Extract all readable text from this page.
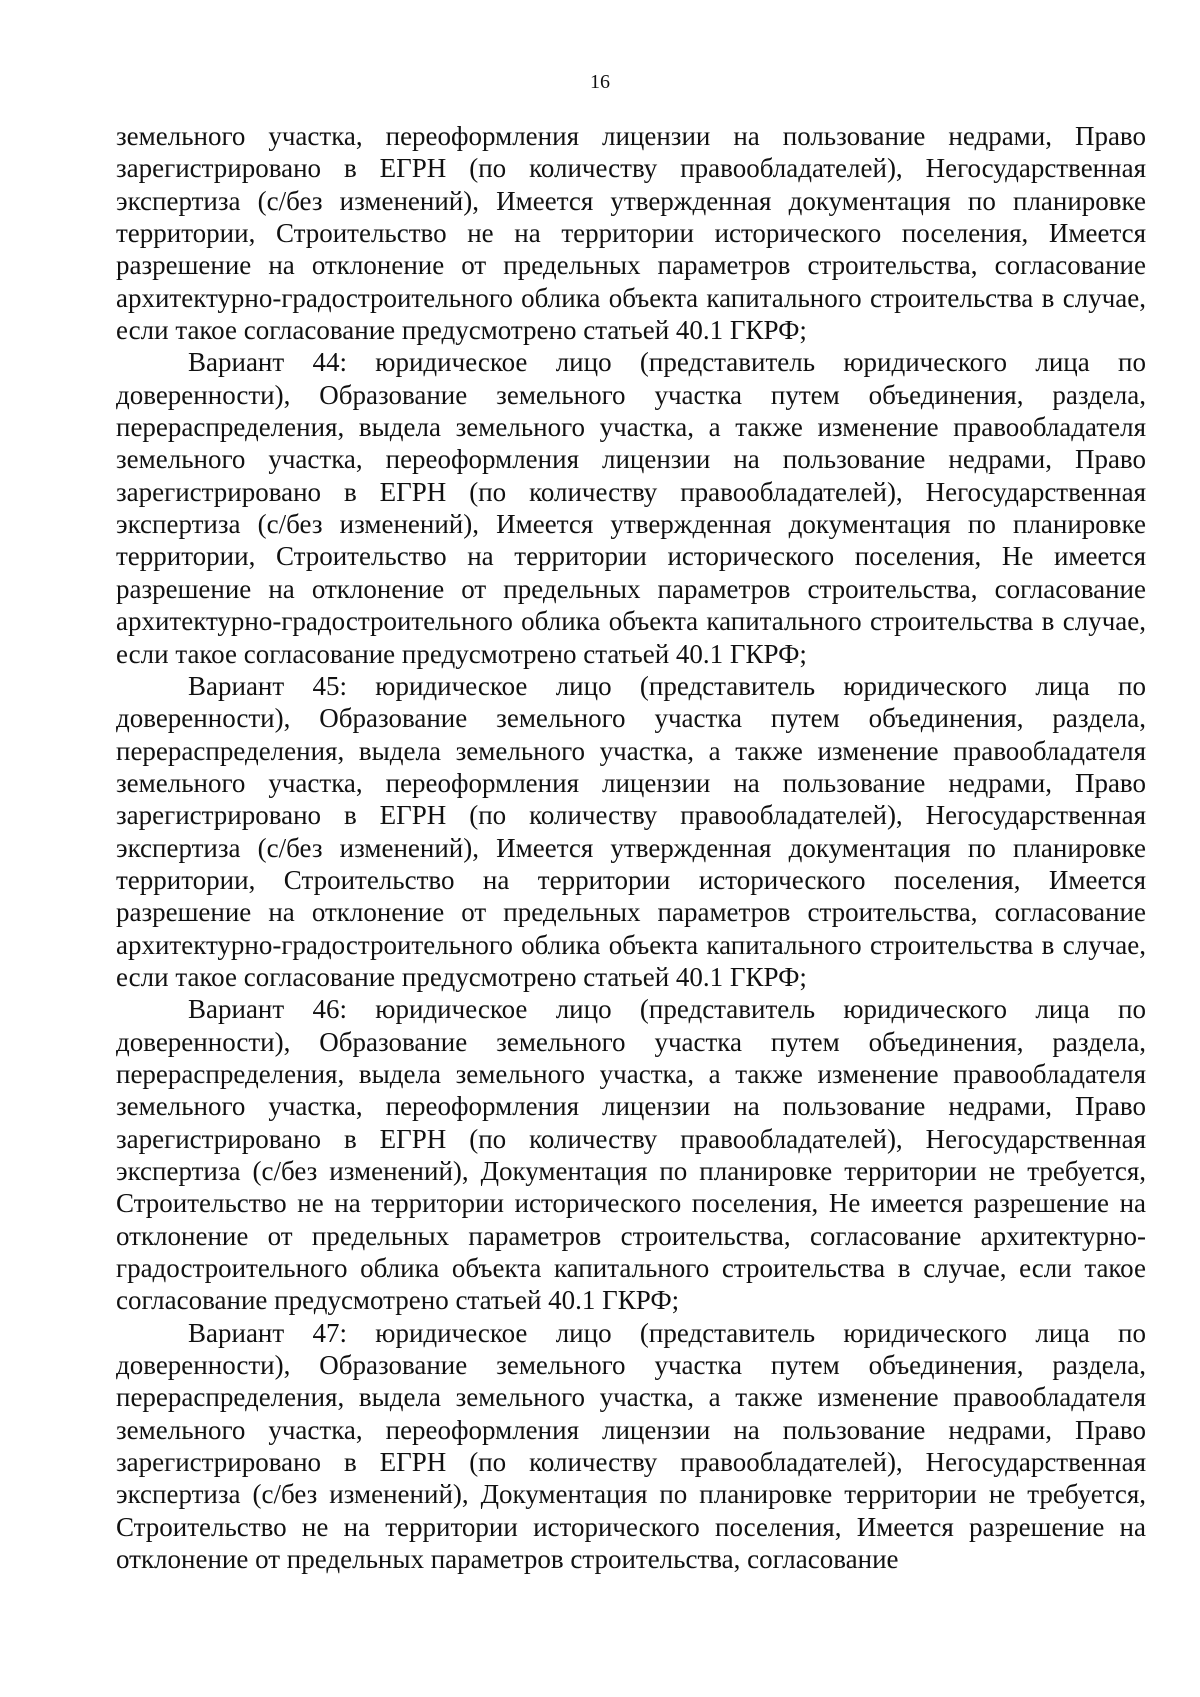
16

земельного участка, переоформления лицензии на пользование недрами, Право зарегистрировано в ЕГРН (по количеству правообладателей), Негосударственная экспертиза (с/без изменений), Имеется утвержденная документация по планировке территории, Строительство не на территории исторического поселения, Имеется разрешение на отклонение от предельных параметров строительства, согласование архитектурно-градостроительного облика объекта капитального строительства в случае, если такое согласование предусмотрено статьей 40.1 ГКРФ;

Вариант 44: юридическое лицо (представитель юридического лица по доверенности), Образование земельного участка путем объединения, раздела, перераспределения, выдела земельного участка, а также изменение правообладателя земельного участка, переоформления лицензии на пользование недрами, Право зарегистрировано в ЕГРН (по количеству правообладателей), Негосударственная экспертиза (с/без изменений), Имеется утвержденная документация по планировке территории, Строительство на территории исторического поселения, Не имеется разрешение на отклонение от предельных параметров строительства, согласование архитектурно-градостроительного облика объекта капитального строительства в случае, если такое согласование предусмотрено статьей 40.1 ГКРФ;

Вариант 45: юридическое лицо (представитель юридического лица по доверенности), Образование земельного участка путем объединения, раздела, перераспределения, выдела земельного участка, а также изменение правообладателя земельного участка, переоформления лицензии на пользование недрами, Право зарегистрировано в ЕГРН (по количеству правообладателей), Негосударственная экспертиза (с/без изменений), Имеется утвержденная документация по планировке территории, Строительство на территории исторического поселения, Имеется разрешение на отклонение от предельных параметров строительства, согласование архитектурно-градостроительного облика объекта капитального строительства в случае, если такое согласование предусмотрено статьей 40.1 ГКРФ;

Вариант 46: юридическое лицо (представитель юридического лица по доверенности), Образование земельного участка путем объединения, раздела, перераспределения, выдела земельного участка, а также изменение правообладателя земельного участка, переоформления лицензии на пользование недрами, Право зарегистрировано в ЕГРН (по количеству правообладателей), Негосударственная экспертиза (с/без изменений), Документация по планировке территории не требуется, Строительство не на территории исторического поселения, Не имеется разрешение на отклонение от предельных параметров строительства, согласование архитектурно-градостроительного облика объекта капитального строительства в случае, если такое согласование предусмотрено статьей 40.1 ГКРФ;

Вариант 47: юридическое лицо (представитель юридического лица по доверенности), Образование земельного участка путем объединения, раздела, перераспределения, выдела земельного участка, а также изменение правообладателя земельного участка, переоформления лицензии на пользование недрами, Право зарегистрировано в ЕГРН (по количеству правообладателей), Негосударственная экспертиза (с/без изменений), Документация по планировке территории не требуется, Строительство не на территории исторического поселения, Имеется разрешение на отклонение от предельных параметров строительства, согласование
